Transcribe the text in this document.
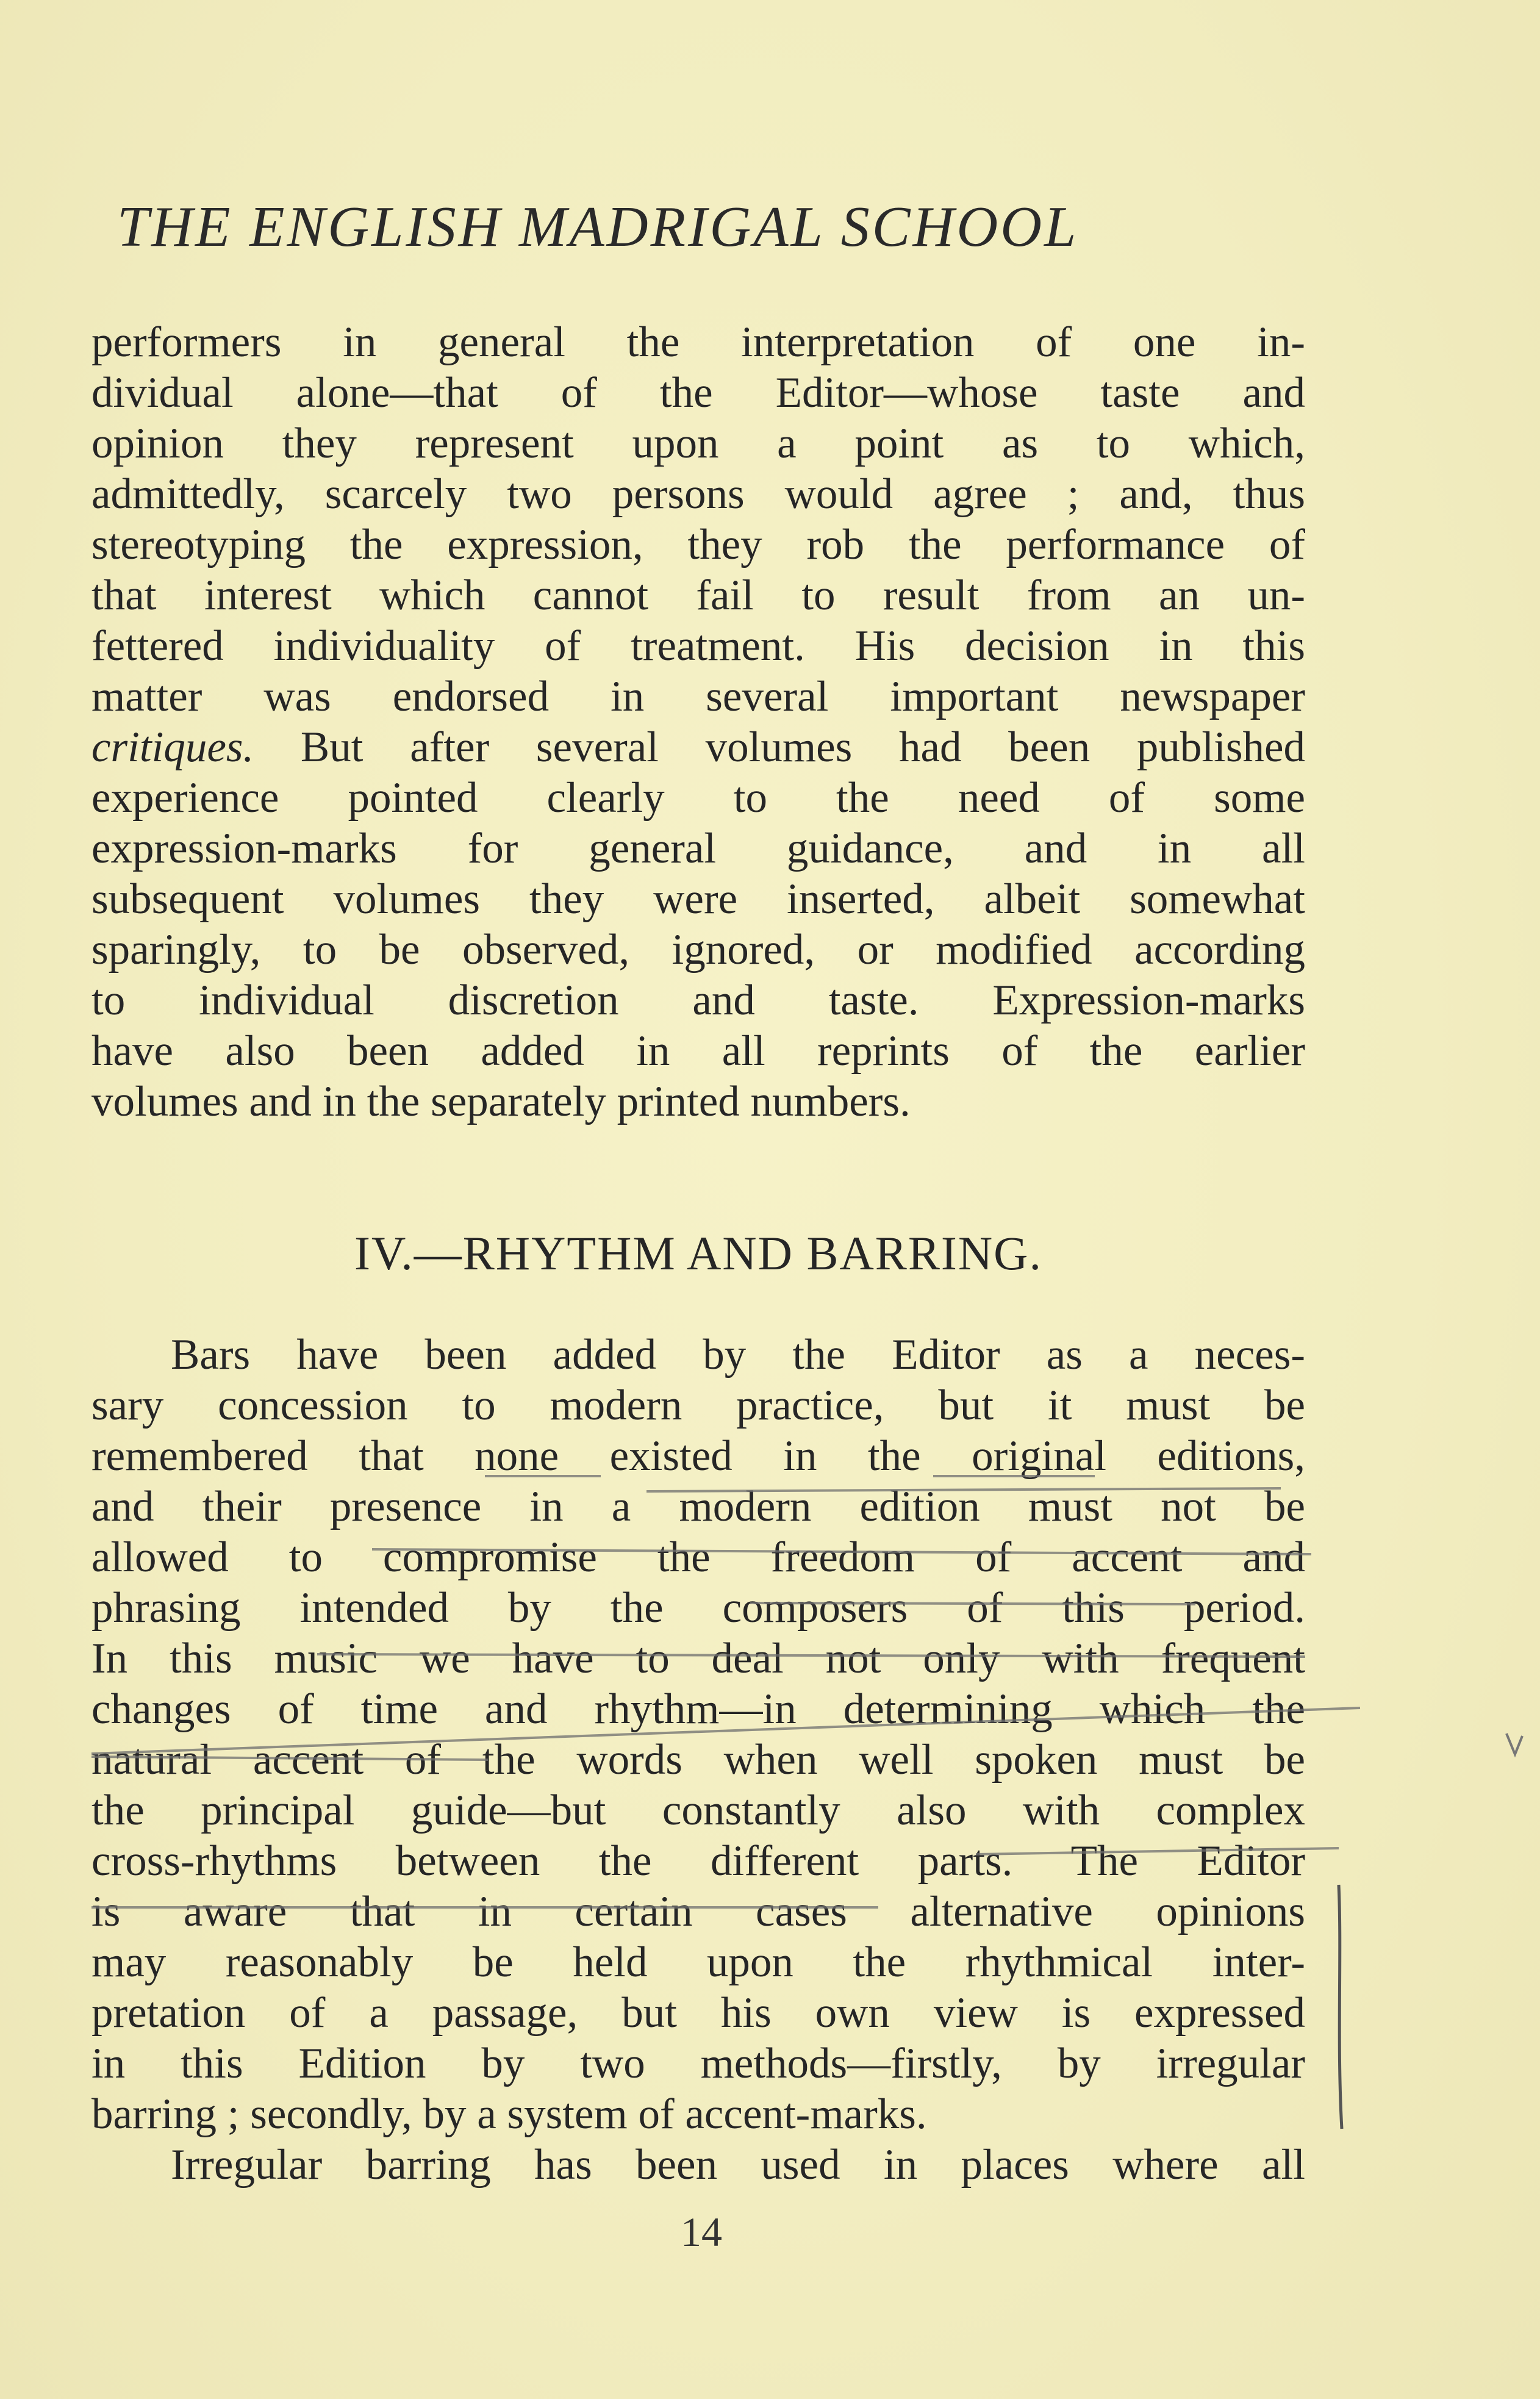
THE ENGLISH MADRIGAL SCHOOL
performers in general the interpretation of one in-
dividual alone—that of the Editor—whose taste and
opinion they represent upon a point as to which,
admittedly, scarcely two persons would agree ; and, thus
stereotyping the expression, they rob the performance of
that interest which cannot fail to result from an un-
fettered individuality of treatment. His decision in this
matter was endorsed in several important newspaper
critiques. But after several volumes had been published
experience pointed clearly to the need of some
expression-marks for general guidance, and in all
subsequent volumes they were inserted, albeit somewhat
sparingly, to be observed, ignored, or modified according
to individual discretion and taste. Expression-marks
have also been added in all reprints of the earlier
volumes and in the separately printed numbers.
IV.—RHYTHM AND BARRING.
Bars have been added by the Editor as a neces-
sary concession to modern practice, but it must be
remembered that none existed in the original editions,
and their presence in a modern edition must not be
allowed to compromise the freedom of accent and
phrasing intended by the composers of this period.
In this music we have to deal not only with frequent
changes of time and rhythm—in determining which the
natural accent of the words when well spoken must be
the principal guide—but constantly also with complex
cross-rhythms between the different parts. The Editor
is aware that in certain cases alternative opinions
may reasonably be held upon the rhythmical inter-
pretation of a passage, but his own view is expressed
in this Edition by two methods—firstly, by irregular
barring ; secondly, by a system of accent-marks.
Irregular barring has been used in places where all
14
